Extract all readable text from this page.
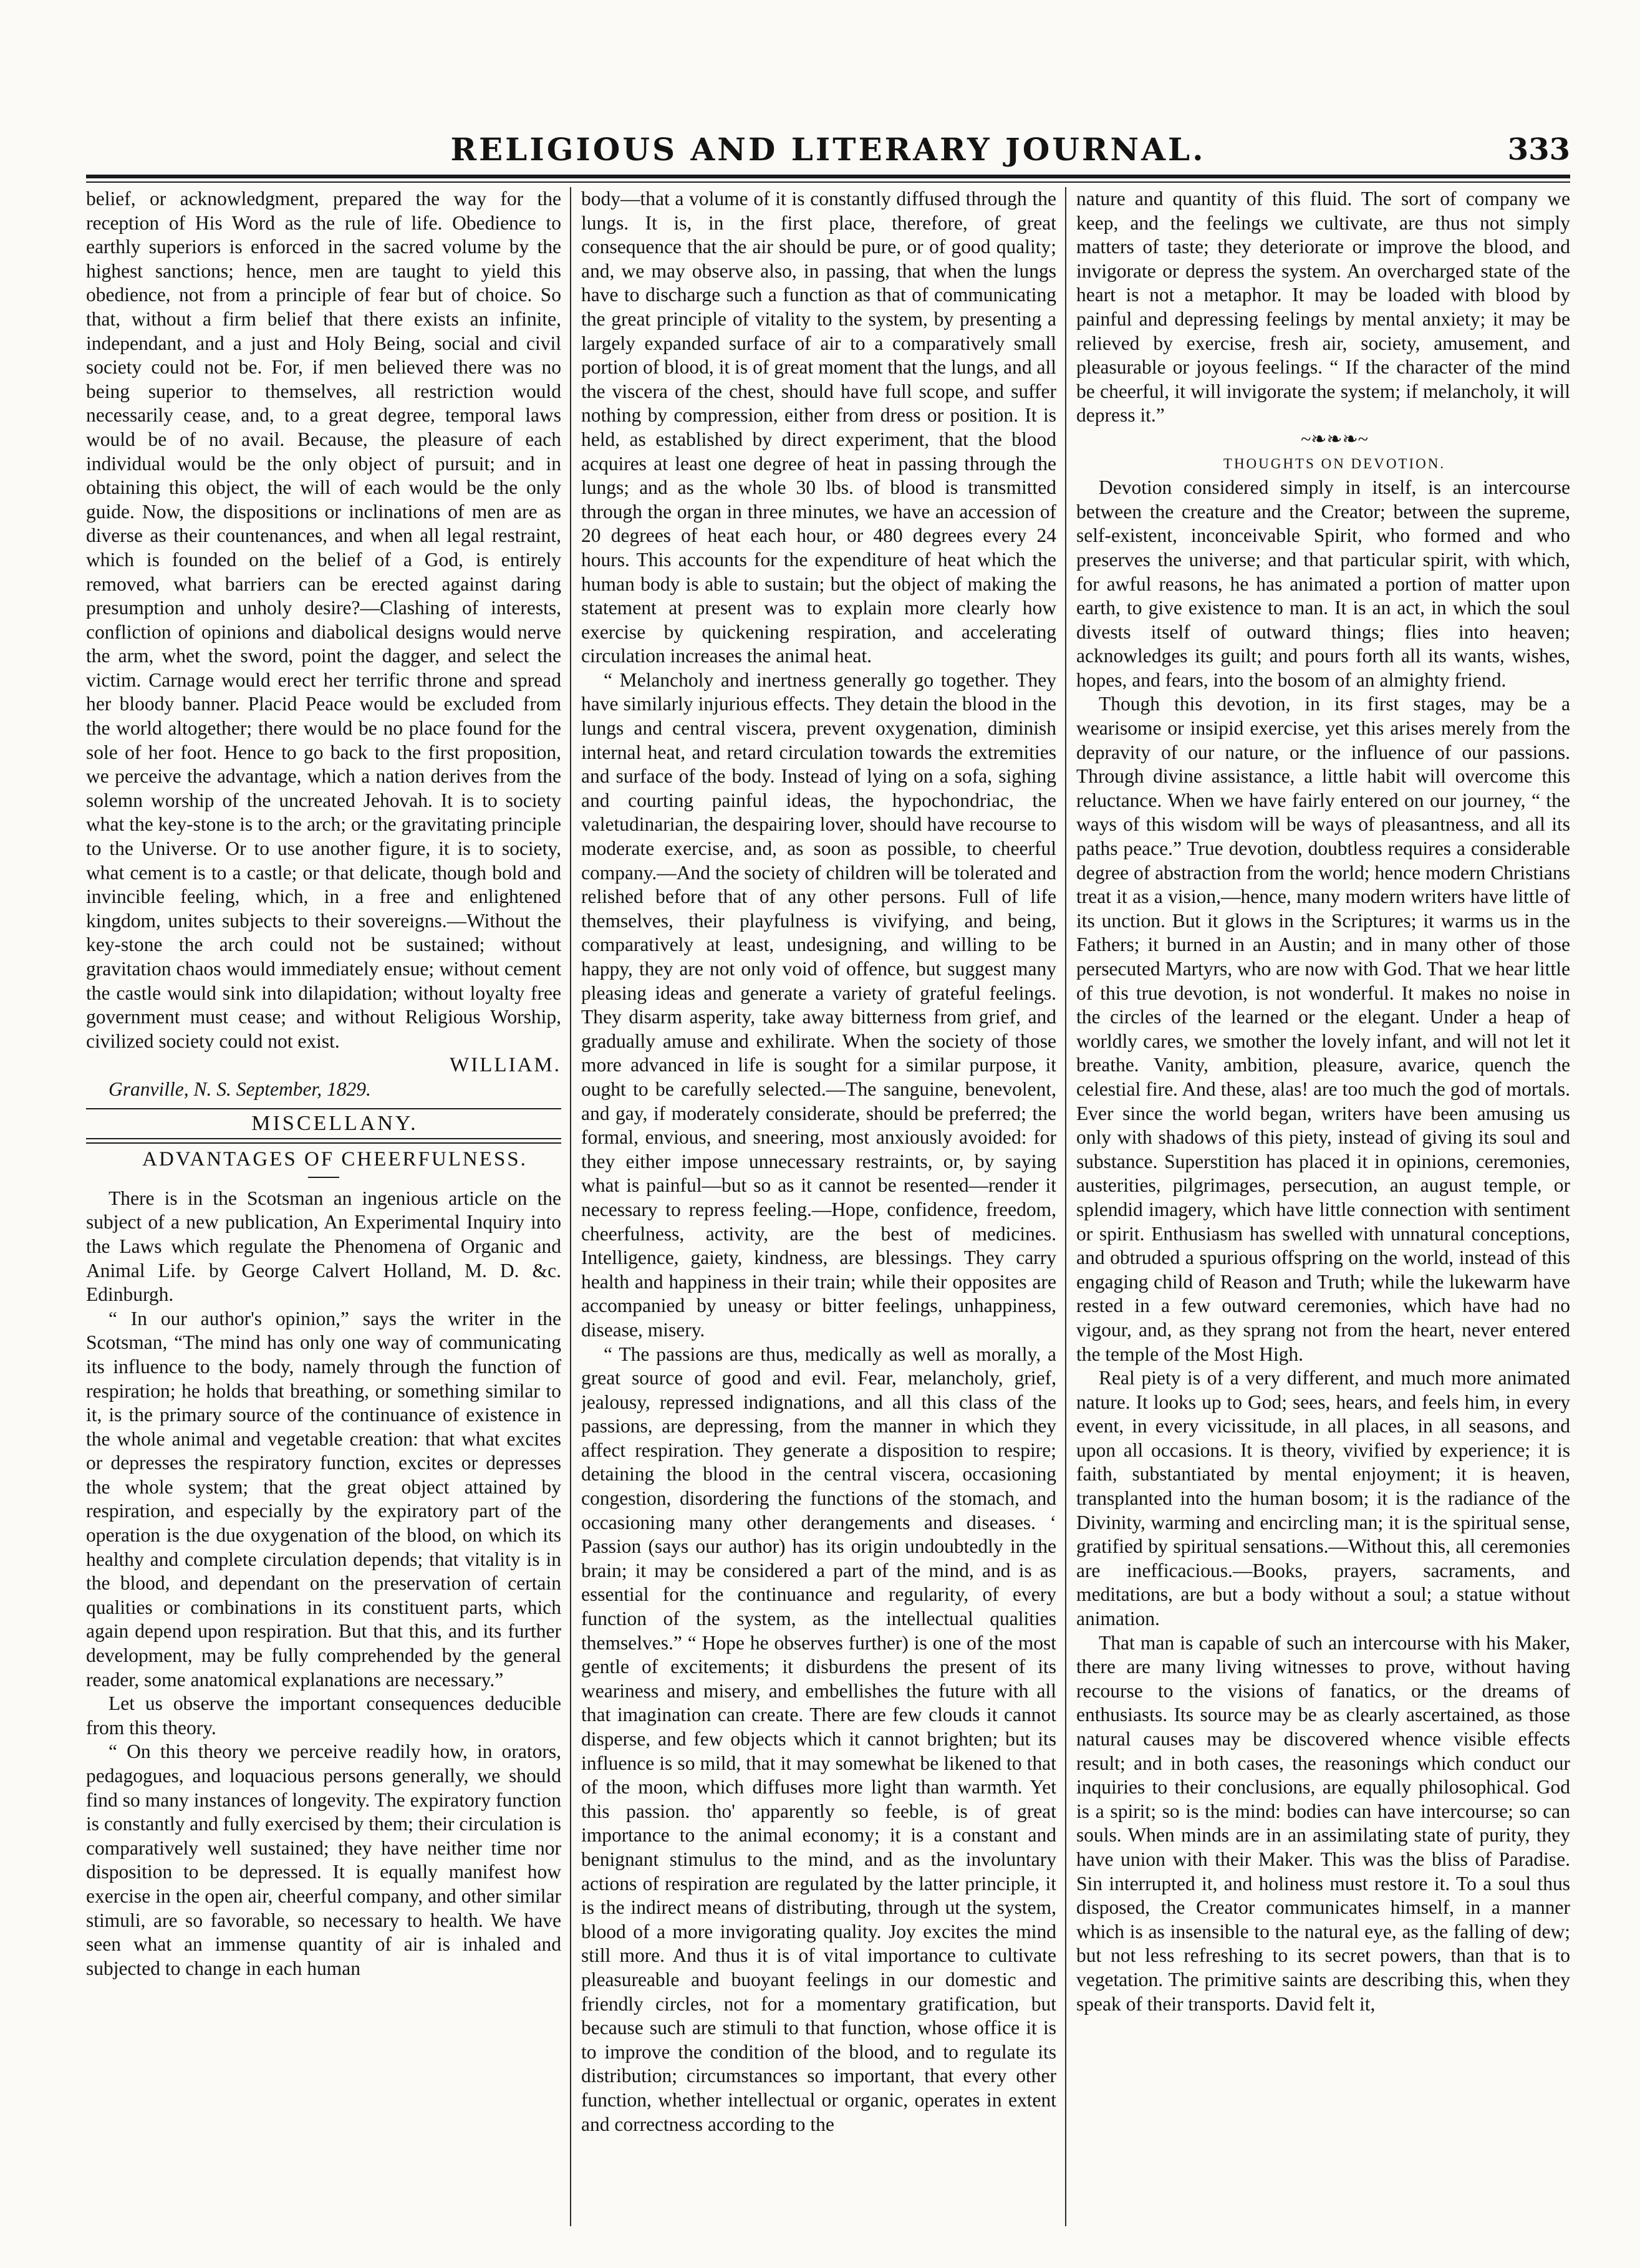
RELIGIOUS AND LITERARY JOURNAL.	333

belief, or acknowledgment, prepared the way for the reception of His Word as the rule of life. Obedience to earthly superiors is enforced in the sacred volume by the highest sanctions; hence, men are taught to yield this obedience, not from a principle of fear but of choice. So that, without a firm belief that there exists an infinite, independant, and a just and Holy Being, social and civil society could not be. For, if men believed there was no being superior to themselves, all restriction would necessarily cease, and, to a great degree, temporal laws would be of no avail. Because, the pleasure of each individual would be the only object of pursuit; and in obtaining this object, the will of each would be the only guide. Now, the dispositions or inclinations of men are as diverse as their countenances, and when all legal restraint, which is founded on the belief of a God, is entirely removed, what barriers can be erected against daring presumption and unholy desire?—Clashing of interests, confliction of opinions and diabolical designs would nerve the arm, whet the sword, point the dagger, and select the victim. Carnage would erect her terrific throne and spread her bloody banner. Placid Peace would be excluded from the world altogether; there would be no place found for the sole of her foot. Hence to go back to the first proposition, we perceive the advantage, which a nation derives from the solemn worship of the uncreated Jehovah. It is to society what the key-stone is to the arch; or the gravitating principle to the Universe. Or to use another figure, it is to society, what cement is to a castle; or that delicate, though bold and invincible feeling, which, in a free and enlightened kingdom, unites subjects to their sovereigns.—Without the key-stone the arch could not be sustained; without gravitation chaos would immediately ensue; without cement the castle would sink into dilapidation; without loyalty free government must cease; and without Religious Worship, civilized society could not exist.

WILLIAM.

Granville, N. S. September, 1829.

MISCELLANY.

ADVANTAGES OF CHEERFULNESS.

There is in the Scotsman an ingenious article on the subject of a new publication, An Experimental Inquiry into the Laws which regulate the Phenomena of Organic and Animal Life. by George Calvert Holland, M. D. &c. Edinburgh.

“ In our author's opinion,” says the writer in the Scotsman, “The mind has only one way of communicating its influence to the body, namely through the function of respiration; he holds that breathing, or something similar to it, is the primary source of the continuance of existence in the whole animal and vegetable creation: that what excites or depresses the respiratory function, excites or depresses the whole system; that the great object attained by respiration, and especially by the expiratory part of the operation is the due oxygenation of the blood, on which its healthy and complete circulation depends; that vitality is in the blood, and dependant on the preservation of certain qualities or combinations in its constituent parts, which again depend upon respiration. But that this, and its further development, may be fully comprehended by the general reader, some anatomical explanations are necessary.”

Let us observe the important consequences deducible from this theory.

“ On this theory we perceive readily how, in orators, pedagogues, and loquacious persons generally, we should find so many instances of longevity. The expiratory function is constantly and fully exercised by them; their circulation is comparatively well sustained; they have neither time nor disposition to be depressed. It is equally manifest how exercise in the open air, cheerful company, and other similar stimuli, are so favorable, so necessary to health. We have seen what an immense quantity of air is inhaled and subjected to change in each human

body—that a volume of it is constantly diffused through the lungs. It is, in the first place, therefore, of great consequence that the air should be pure, or of good quality; and, we may observe also, in passing, that when the lungs have to discharge such a function as that of communicating the great principle of vitality to the system, by presenting a largely expanded surface of air to a comparatively small portion of blood, it is of great moment that the lungs, and all the viscera of the chest, should have full scope, and suffer nothing by compression, either from dress or position. It is held, as established by direct experiment, that the blood acquires at least one degree of heat in passing through the lungs; and as the whole 30 lbs. of blood is transmitted through the organ in three minutes, we have an accession of 20 degrees of heat each hour, or 480 degrees every 24 hours. This accounts for the expenditure of heat which the human body is able to sustain; but the object of making the statement at present was to explain more clearly how exercise by quickening respiration, and accelerating circulation increases the animal heat.

“ Melancholy and inertness generally go together. They have similarly injurious effects. They detain the blood in the lungs and central viscera, prevent oxygenation, diminish internal heat, and retard circulation towards the extremities and surface of the body. Instead of lying on a sofa, sighing and courting painful ideas, the hypochondriac, the valetudinarian, the despairing lover, should have recourse to moderate exercise, and, as soon as possible, to cheerful company.—And the society of children will be tolerated and relished before that of any other persons. Full of life themselves, their playfulness is vivifying, and being, comparatively at least, undesigning, and willing to be happy, they are not only void of offence, but suggest many pleasing ideas and generate a variety of grateful feelings. They disarm asperity, take away bitterness from grief, and gradually amuse and exhilirate. When the society of those more advanced in life is sought for a similar purpose, it ought to be carefully selected.—The sanguine, benevolent, and gay, if moderately considerate, should be preferred; the formal, envious, and sneering, most anxiously avoided: for they either impose unnecessary restraints, or, by saying what is painful—but so as it cannot be resented—render it necessary to repress feeling.—Hope, confidence, freedom, cheerfulness, activity, are the best of medicines. Intelligence, gaiety, kindness, are blessings. They carry health and happiness in their train; while their opposites are accompanied by uneasy or bitter feelings, unhappiness, disease, misery.

“ The passions are thus, medically as well as morally, a great source of good and evil. Fear, melancholy, grief, jealousy, repressed indignations, and all this class of the passions, are depressing, from the manner in which they affect respiration. They generate a disposition to respire; detaining the blood in the central viscera, occasioning congestion, disordering the functions of the stomach, and occasioning many other derangements and diseases. ‘ Passion (says our author) has its origin undoubtedly in the brain; it may be considered a part of the mind, and is as essential for the continuance and regularity, of every function of the system, as the intellectual qualities themselves.” “ Hope he observes further) is one of the most gentle of excitements; it disburdens the present of its weariness and misery, and embellishes the future with all that imagination can create. There are few clouds it cannot disperse, and few objects which it cannot brighten; but its influence is so mild, that it may somewhat be likened to that of the moon, which diffuses more light than warmth. Yet this passion. tho' apparently so feeble, is of great importance to the animal economy; it is a constant and benignant stimulus to the mind, and as the involuntary actions of respiration are regulated by the latter principle, it is the indirect means of distributing, through ut the system, blood of a more invigorating quality. Joy excites the mind still more. And thus it is of vital importance to cultivate pleasureable and buoyant feelings in our domestic and friendly circles, not for a momentary gratification, but because such are stimuli to that function, whose office it is to improve the condition of the blood, and to regulate its distribution; circumstances so important, that every other function, whether intellectual or organic, operates in extent and correctness according to the

nature and quantity of this fluid. The sort of company we keep, and the feelings we cultivate, are thus not simply matters of taste; they deteriorate or improve the blood, and invigorate or depress the system. An overcharged state of the heart is not a metaphor. It may be loaded with blood by painful and depressing feelings by mental anxiety; it may be relieved by exercise, fresh air, society, amusement, and pleasurable or joyous feelings. “ If the character of the mind be cheerful, it will invigorate the system; if melancholy, it will depress it.”

~❧❧❧~

THOUGHTS ON DEVOTION.

Devotion considered simply in itself, is an intercourse between the creature and the Creator; between the supreme, self-existent, inconceivable Spirit, who formed and who preserves the universe; and that particular spirit, with which, for awful reasons, he has animated a portion of matter upon earth, to give existence to man. It is an act, in which the soul divests itself of outward things; flies into heaven; acknowledges its guilt; and pours forth all its wants, wishes, hopes, and fears, into the bosom of an almighty friend.

Though this devotion, in its first stages, may be a wearisome or insipid exercise, yet this arises merely from the depravity of our nature, or the influence of our passions. Through divine assistance, a little habit will overcome this reluctance. When we have fairly entered on our journey, “ the ways of this wisdom will be ways of pleasantness, and all its paths peace.” True devotion, doubtless requires a considerable degree of abstraction from the world; hence modern Christians treat it as a vision,—hence, many modern writers have little of its unction. But it glows in the Scriptures; it warms us in the Fathers; it burned in an Austin; and in many other of those persecuted Martyrs, who are now with God. That we hear little of this true devotion, is not wonderful. It makes no noise in the circles of the learned or the elegant. Under a heap of worldly cares, we smother the lovely infant, and will not let it breathe. Vanity, ambition, pleasure, avarice, quench the celestial fire. And these, alas! are too much the god of mortals. Ever since the world began, writers have been amusing us only with shadows of this piety, instead of giving its soul and substance. Superstition has placed it in opinions, ceremonies, austerities, pilgrimages, persecution, an august temple, or splendid imagery, which have little connection with sentiment or spirit. Enthusiasm has swelled with unnatural conceptions, and obtruded a spurious offspring on the world, instead of this engaging child of Reason and Truth; while the lukewarm have rested in a few outward ceremonies, which have had no vigour, and, as they sprang not from the heart, never entered the temple of the Most High.

Real piety is of a very different, and much more animated nature. It looks up to God; sees, hears, and feels him, in every event, in every vicissitude, in all places, in all seasons, and upon all occasions. It is theory, vivified by experience; it is faith, substantiated by mental enjoyment; it is heaven, transplanted into the human bosom; it is the radiance of the Divinity, warming and encircling man; it is the spiritual sense, gratified by spiritual sensations.—Without this, all ceremonies are inefficacious.—Books, prayers, sacraments, and meditations, are but a body without a soul; a statue without animation.

That man is capable of such an intercourse with his Maker, there are many living witnesses to prove, without having recourse to the visions of fanatics, or the dreams of enthusiasts. Its source may be as clearly ascertained, as those natural causes may be discovered whence visible effects result; and in both cases, the reasonings which conduct our inquiries to their conclusions, are equally philosophical. God is a spirit; so is the mind: bodies can have intercourse; so can souls. When minds are in an assimilating state of purity, they have union with their Maker. This was the bliss of Paradise. Sin interrupted it, and holiness must restore it. To a soul thus disposed, the Creator communicates himself, in a manner which is as insensible to the natural eye, as the falling of dew; but not less refreshing to its secret powers, than that is to vegetation. The primitive saints are describing this, when they speak of their transports. David felt it,
